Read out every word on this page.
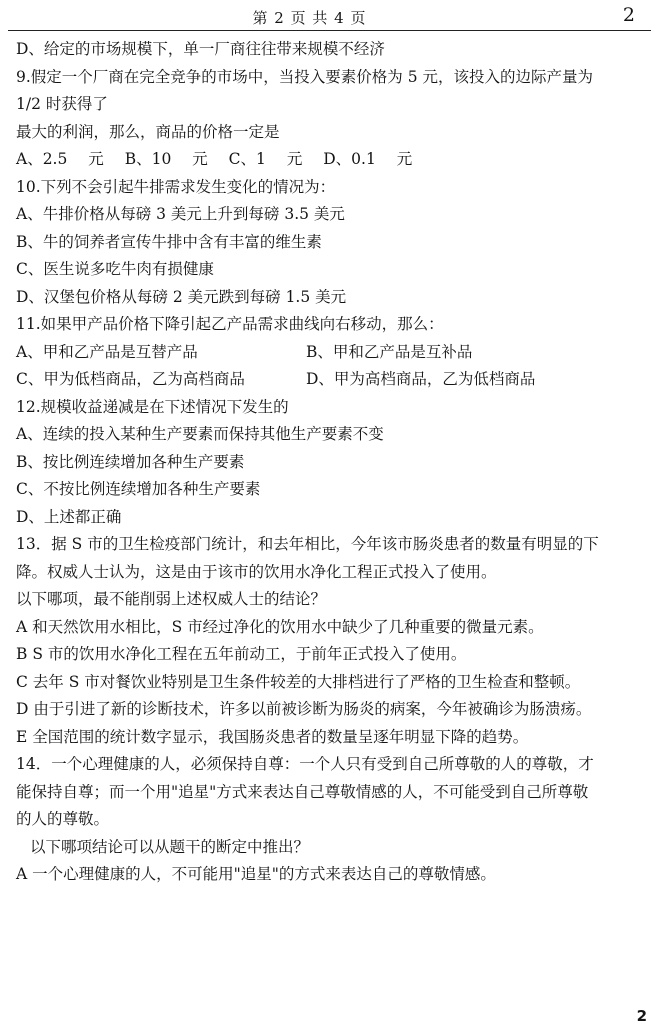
第 2 页 共 4 页	2

D、给定的市场规模下，单一厂商往往带来规模不经济

9.假定一个厂商在完全竞争的市场中，当投入要素价格为 5 元，该投入的边际产量为

1/2 时获得了

最大的利润，那么，商品的价格一定是

A、2.5 元 B、10 元 C、1 元 D、0.1 元

10.下列不会引起牛排需求发生变化的情况为：

A、牛排价格从每磅 3 美元上升到每磅 3.5 美元

B、牛的饲养者宣传牛排中含有丰富的维生素

C、医生说多吃牛肉有损健康

D、汉堡包价格从每磅 2 美元跌到每磅 1.5 美元

11.如果甲产品价格下降引起乙产品需求曲线向右移动，那么：

A、甲和乙产品是互替产品	B、甲和乙产品是互补品
C、甲为低档商品，乙为高档商品	D、甲为高档商品，乙为低档商品

12.规模收益递减是在下述情况下发生的

A、连续的投入某种生产要素而保持其他生产要素不变

B、按比例连续增加各种生产要素

C、不按比例连续增加各种生产要素

D、上述都正确

13．据 S 市的卫生检疫部门统计，和去年相比，今年该市肠炎患者的数量有明显的下

降。权威人士认为，这是由于该市的饮用水净化工程正式投入了使用。

以下哪项，最不能削弱上述权威人士的结论？

A 和天然饮用水相比，S 市经过净化的饮用水中缺少了几种重要的微量元素。

B S 市的饮用水净化工程在五年前动工，于前年正式投入了使用。

C 去年 S 市对餐饮业特别是卫生条件较差的大排档进行了严格的卫生检查和整顿。

D 由于引进了新的诊断技术，许多以前被诊断为肠炎的病案，今年被确诊为肠溃疡。

E 全国范围的统计数字显示，我国肠炎患者的数量呈逐年明显下降的趋势。

14．一个心理健康的人，必须保持自尊：一个人只有受到自己所尊敬的人的尊敬，才

能保持自尊；而一个用"追星"方式来表达自己尊敬情感的人，不可能受到自己所尊敬

的人的尊敬。

以下哪项结论可以从题干的断定中推出？

A 一个心理健康的人，不可能用"追星"的方式来表达自己的尊敬情感。

2
